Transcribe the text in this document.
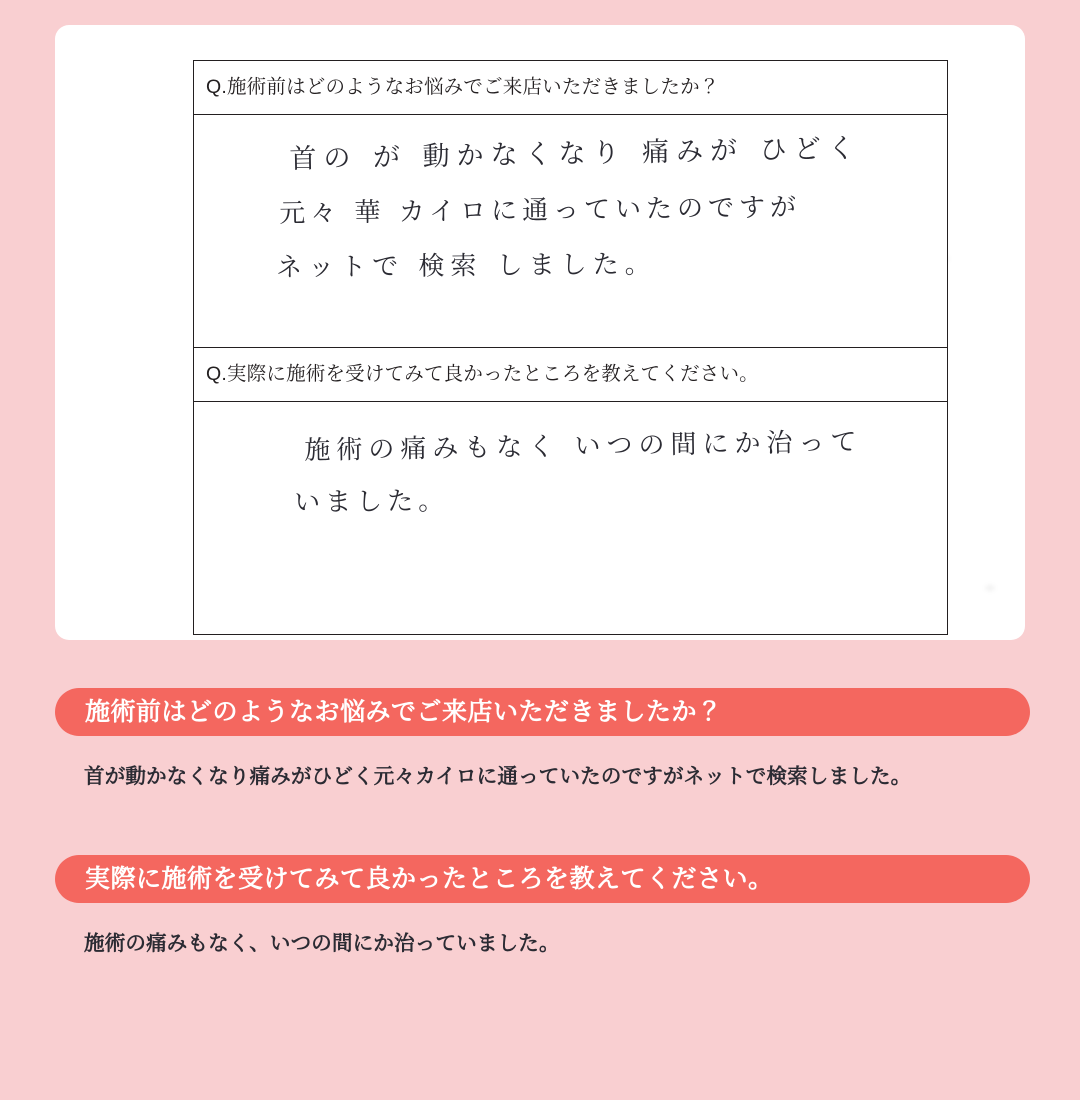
Q.施術前はどのようなお悩みでご来店いただきましたか？

首の が 動かなくなり 痛みが ひどく
元々 華 カイロに通っていたのですが
ネットで 検索 しました。

Q.実際に施術を受けてみて良かったところを教えてください。

施術の痛みもなく いつの間にか治って
いました。
施術前はどのようなお悩みでご来店いただきましたか？
首が動かなくなり痛みがひどく元々カイロに通っていたのですがネットで検索しました。
実際に施術を受けてみて良かったところを教えてください。
施術の痛みもなく、いつの間にか治っていました。
